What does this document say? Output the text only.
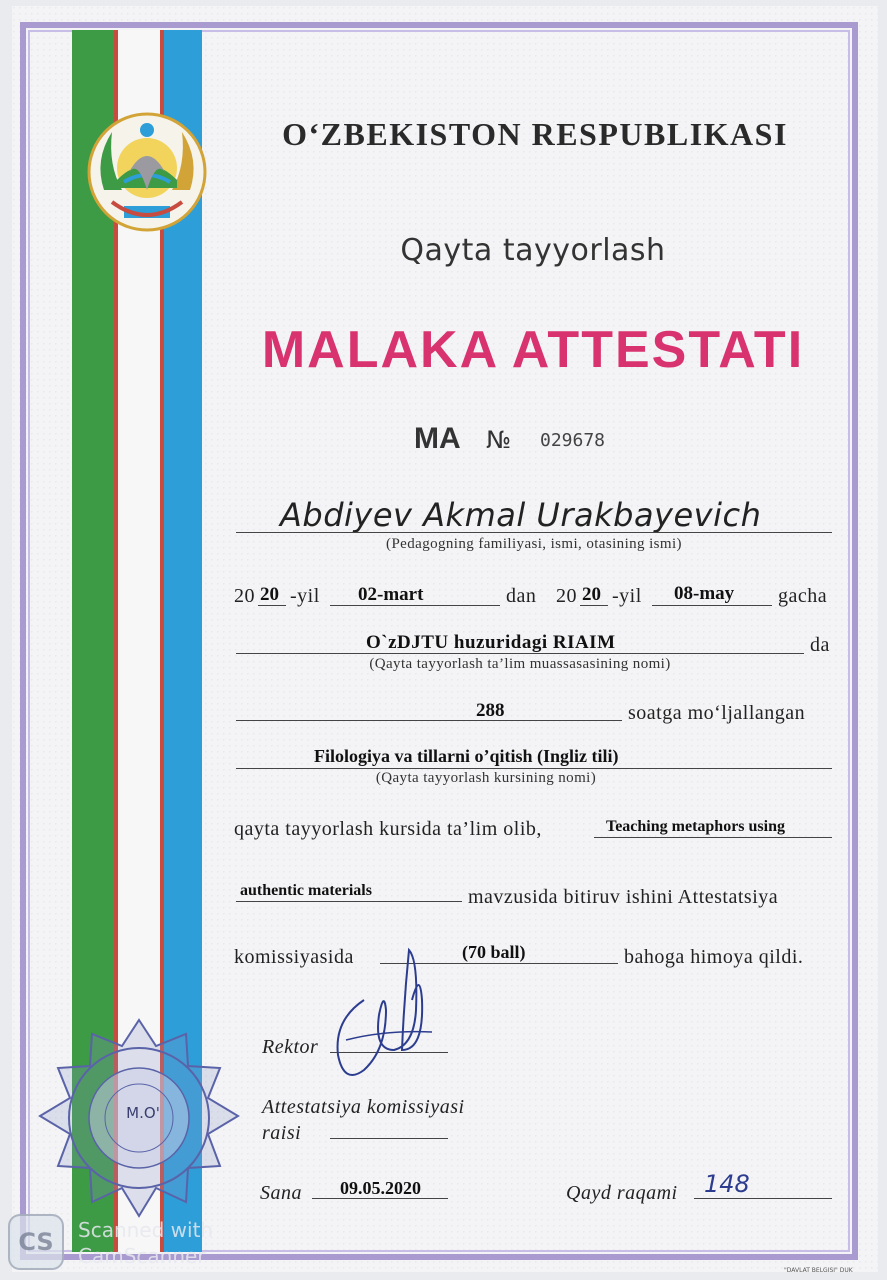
O‘ZBEKISTON RESPUBLIKASI
Qayta tayyorlash
MALAKA ATTESTATI
MA № 029678
Abdiyev Akmal Urakbayevich
(Pedagogning familiyasi, ismi, otasining ismi)
20 20 -yil 02-mart	dan 20 20 -yil 08-may gacha
O`zDJTU huzuridagi RIAIM	da
(Qayta tayyorlash ta’lim muassasasining nomi)
288	soatga mo‘ljallangan
Filologiya va tillarni o’qitish (Ingliz tili)
(Qayta tayyorlash kursining nomi)
qayta tayyorlash kursida ta’lim olib,	Teaching metaphors using
authentic materials	mavzusida bitiruv ishini Attestatsiya
komissiyasida	(70 ball)	bahoga himoya qildi.
Rektor
Attestatsiya komissiyasi
raisi
M.O'
Sana 09.05.2020	Qayd raqami 148
"DAVLAT BELGISI" DUK
CS	Scanned with
CamScanner
